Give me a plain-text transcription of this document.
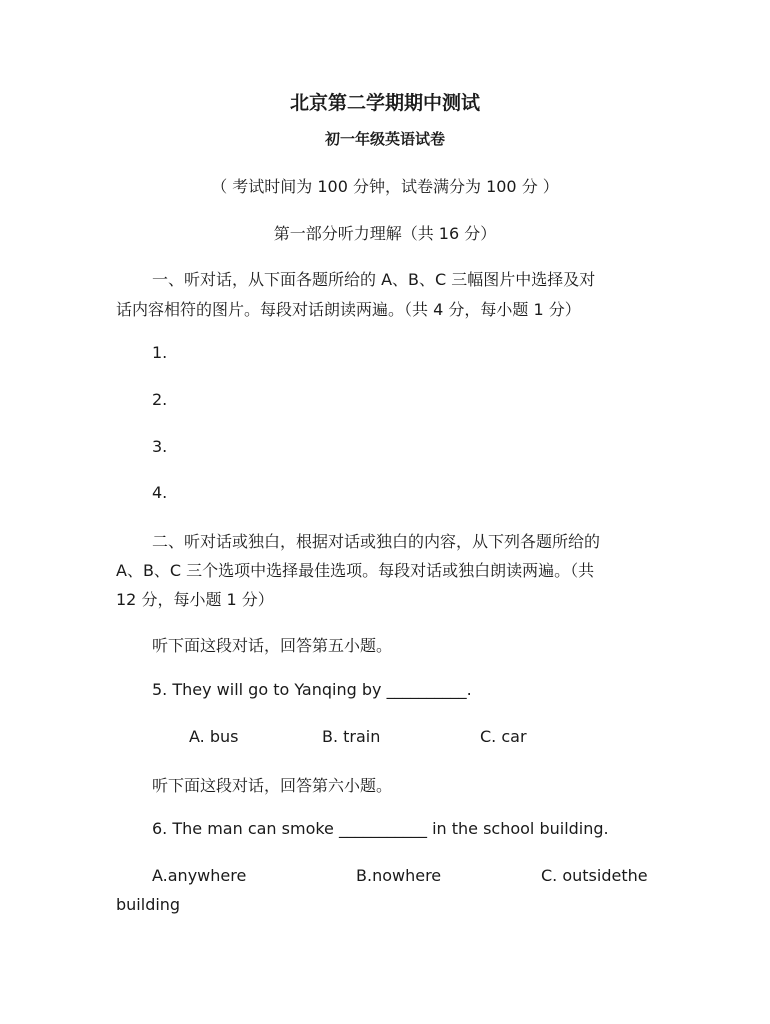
北京第二学期期中测试
初一年级英语试卷
（ 考试时间为 100 分钟，试卷满分为 100 分 ）
第一部分听力理解（共 16 分）
一、听对话，从下面各题所给的 A、B、C 三幅图片中选择及对
话内容相符的图片。每段对话朗读两遍。（共 4 分，每小题 1 分）
1.
2.
3.
4.
二、听对话或独白，根据对话或独白的内容，从下列各题所给的
A、B、C 三个选项中选择最佳选项。每段对话或独白朗读两遍。（共
12 分，每小题 1 分）
听下面这段对话，回答第五小题。
5. They will go to Yanqing by __________.
A. bus	B. train	C. car
听下面这段对话，回答第六小题。
6. The man can smoke ___________ in the school building.
A.anywhere	B.nowhere	C. outsidethe
building
